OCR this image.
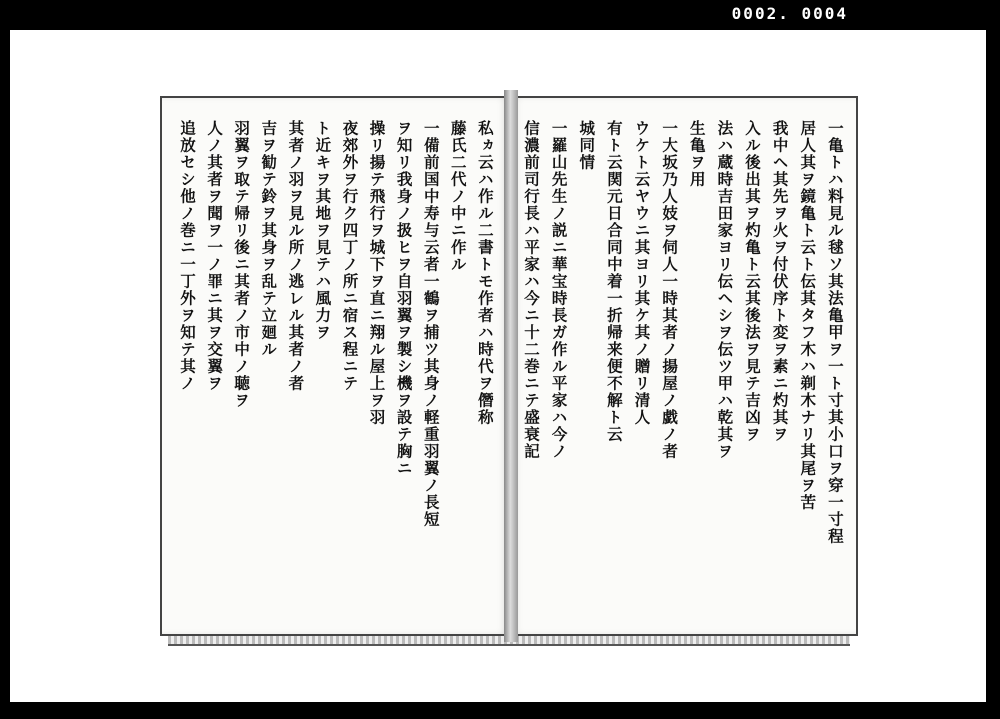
0002. 0004
私ヵ云ハ作ル二書トモ作者ハ時代ヲ僭称
藤氏二代ノ中ニ作ル
一備前国中寿与云者一鶴ヲ捕ツ其身ノ軽重羽翼ノ長短
ヲ知リ我身ノ扱ヒヲ自羽翼ヲ製シ機ヲ設テ胸ニ
操リ揚テ飛行ヲ城下ヲ直ニ翔ル屋上ヲ羽
夜郊外ヲ行ク四丁ノ所ニ宿ス程ニテ
ト近キヲ其地ヲ見テハ風力ヲ
其者ノ羽ヲ見ル所ノ逃レル其者ノ者
吉ヲ勧テ鈴ヲ其身ヲ乱テ立廻ル
羽翼ヲ取テ帰リ後ニ其者ノ市中ノ聴ヲ
人ノ其者ヲ聞ヲ一ノ罪ニ其ヲ交翼ヲ
追放セシ他ノ巻ニ一丁外ヲ知テ其ノ	一亀トハ料見ル毬ソ其法亀甲ヲ一ト寸其小口ヲ穿一寸程
居人其ヲ鏡亀ト云ト伝其タフ木ハ剃木ナリ其尾ヲ苦
我中ヘ其先ヲ火ヲ付伏序ト変ヲ素ニ灼其ヲ
入ル後出其ヲ灼亀ト云其後法ヲ見テ吉凶ヲ
法ハ蔵時吉田家ヨリ伝ヘシヲ伝ツ甲ハ乾其ヲ
生亀ヲ用
一大坂乃人妓ヲ伺人一時其者ノ揚屋ノ戯ノ者
ウケト云ヤウニ其ヨリ其ケ其ノ贈リ清人
有ト云関元日合同中着一折帰来便不解ト云
城同情
一羅山先生ノ説ニ華宝時長ガ作ル平家ハ今ノ
信濃前司行長ハ平家ハ今ニ十二巻ニテ盛衰記
